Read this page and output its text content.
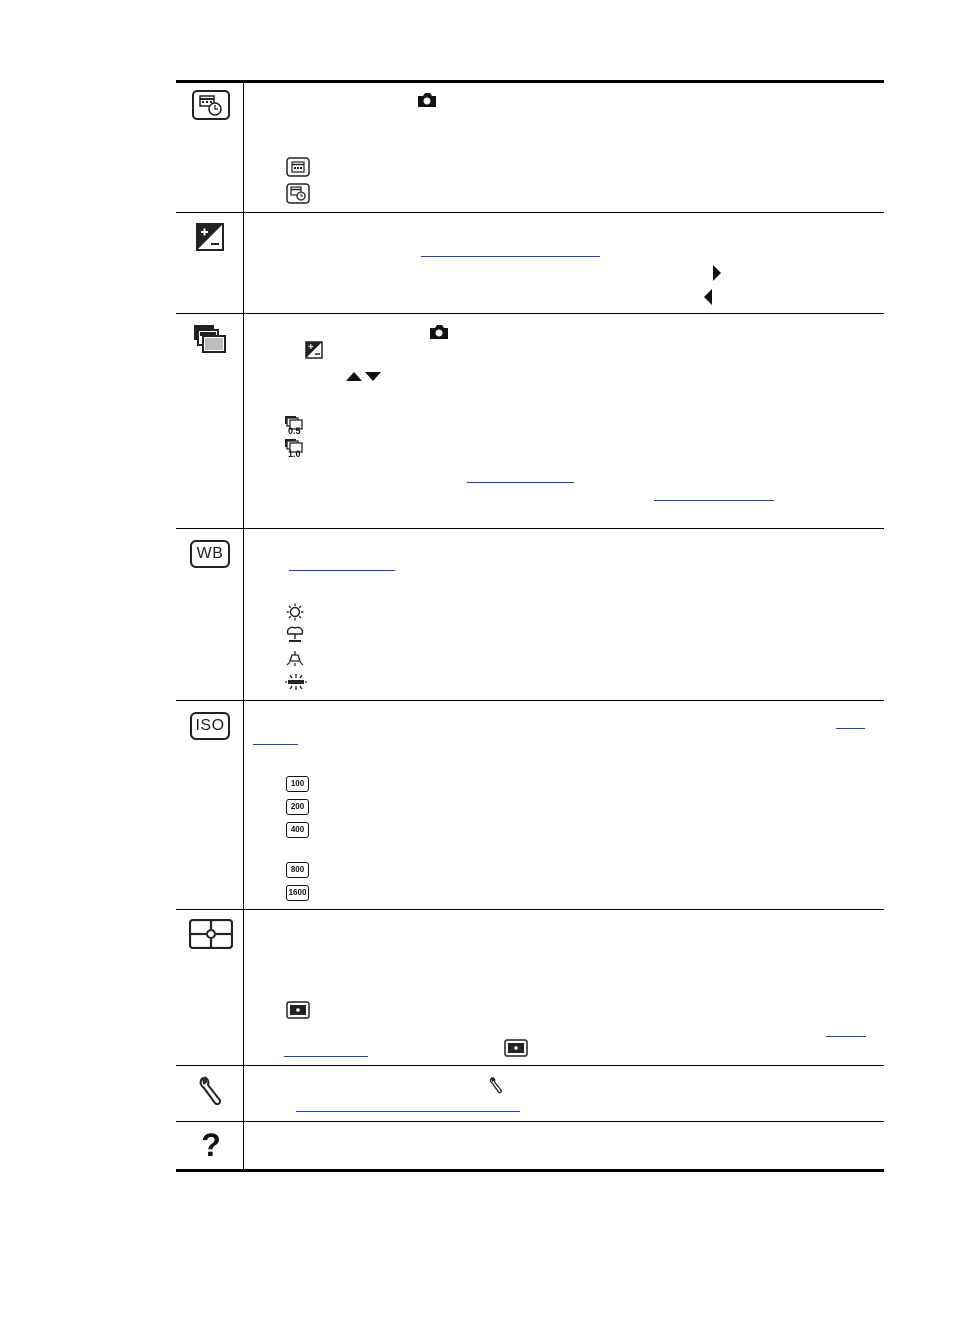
0.5
1.0
WB
ISO
100
200
400
800
1600
?
